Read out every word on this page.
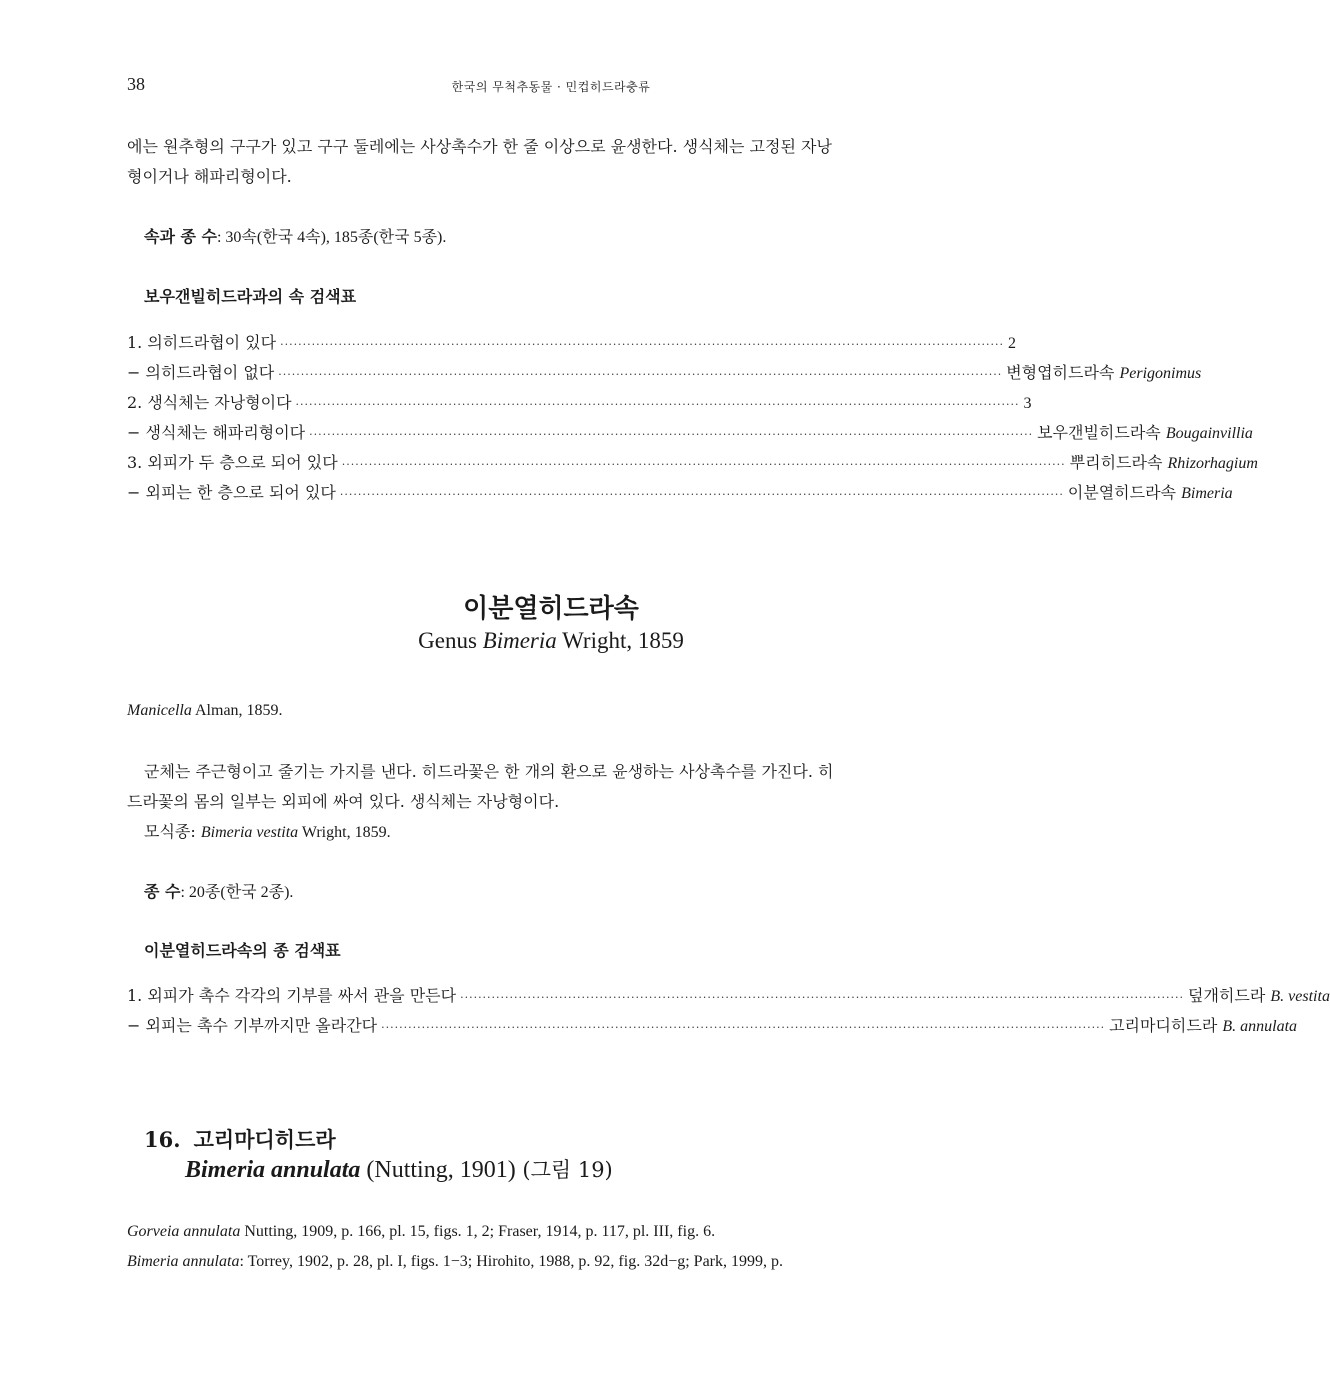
38	한국의 무척추동물 · 민컵히드라충류
에는 원추형의 구구가 있고 구구 둘레에는 사상촉수가 한 줄 이상으로 윤생한다. 생식체는 고정된 자낭
형이거나 해파리형이다.
속과 종 수: 30속(한국 4속), 185종(한국 5종).
보우갠빌히드라과의 속 검색표
1. 의히드라협이 있다 ································································································································································· 2
− 의히드라협이 없다 ································································································································································· 변형엽히드라속 Perigonimus
2. 생식체는 자낭형이다 ································································································································································· 3
− 생식체는 해파리형이다 ································································································································································· 보우갠빌히드라속 Bougainvillia
3. 외피가 두 층으로 되어 있다 ································································································································································· 뿌리히드라속 Rhizorhagium
− 외피는 한 층으로 되어 있다 ································································································································································· 이분열히드라속 Bimeria
이분열히드라속
Genus Bimeria Wright, 1859
Manicella Alman, 1859.
군체는 주근형이고 줄기는 가지를 낸다. 히드라꽃은 한 개의 환으로 윤생하는 사상촉수를 가진다. 히
드라꽃의 몸의 일부는 외피에 싸여 있다. 생식체는 자낭형이다.
모식종: Bimeria vestita Wright, 1859.
종 수: 20종(한국 2종).
이분열히드라속의 종 검색표
1. 외피가 촉수 각각의 기부를 싸서 관을 만든다 ································································································································································· 덮개히드라 B. vestita
− 외피는 촉수 기부까지만 올라간다 ································································································································································· 고리마디히드라 B. annulata
16. 고리마디히드라
Bimeria annulata (Nutting, 1901) (그림 19)
Gorveia annulata Nutting, 1909, p. 166, pl. 15, figs. 1, 2; Fraser, 1914, p. 117, pl. III, fig. 6.
Bimeria annulata: Torrey, 1902, p. 28, pl. I, figs. 1−3; Hirohito, 1988, p. 92, fig. 32d−g; Park, 1999, p.
